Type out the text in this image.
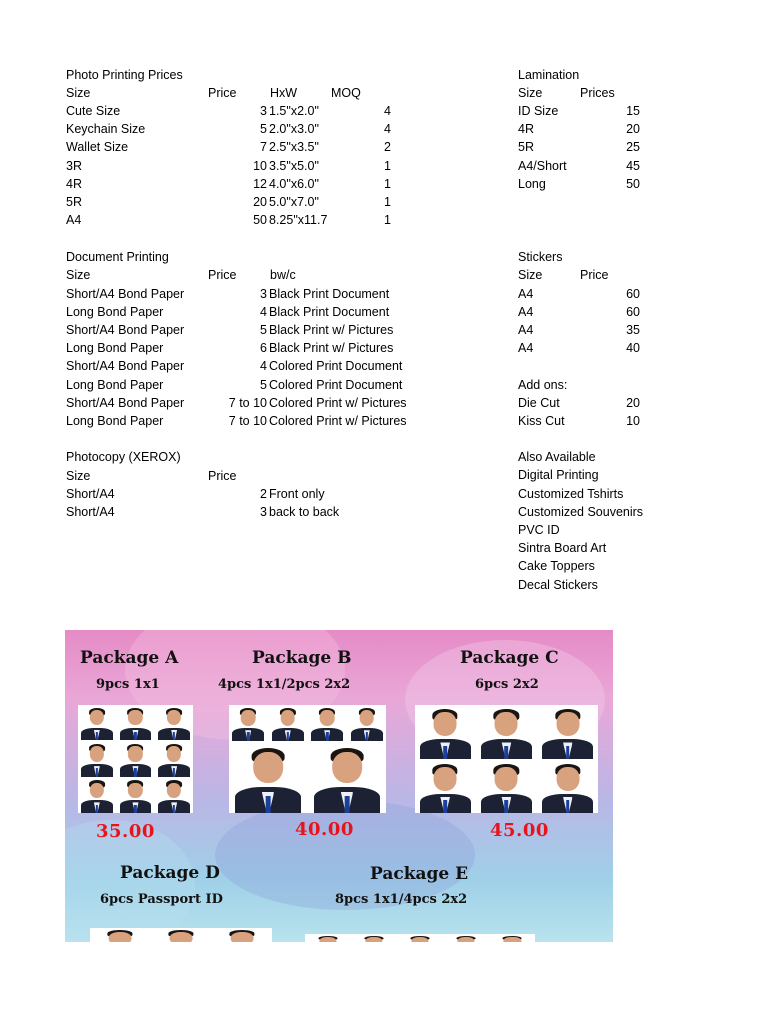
Photo Printing Prices
Size	Price	HxW	MOQ
Cute Size	3 1.5"x2.0"	4
Keychain Size	5 2.0"x3.0"	4
Wallet Size	7 2.5"x3.5"	2
3R	10 3.5"x5.0"	1
4R	12 4.0"x6.0"	1
5R	20 5.0"x7.0"	1
A4	50 8.25"x11.7	1
Lamination
Size	Prices
ID Size	15
4R	20
5R	25
A4/Short	45
Long	50
Document Printing
Size	Price	bw/c
Short/A4 Bond Paper	3 Black Print Document
Long Bond Paper	4 Black Print Document
Short/A4 Bond Paper	5 Black Print w/ Pictures
Long Bond Paper	6 Black Print w/ Pictures
Short/A4 Bond Paper	4 Colored Print Document
Long Bond Paper	5 Colored Print Document
Short/A4 Bond Paper	7 to 10 Colored Print w/ Pictures
Long Bond Paper	7 to 10 Colored Print w/ Pictures
Stickers
Size	Price
A4	60
A4	60
A4	35
A4	40
Add ons:
Die Cut	20
Kiss Cut	10
Photocopy (XEROX)
Size	Price
Short/A4	2 Front only
Short/A4	3 back to back
Also Available
Digital Printing
Customized Tshirts
Customized Souvenirs
PVC ID
Sintra Board Art
Cake Toppers
Decal Stickers
Package A
9pcs 1x1
35.00
Package B
4pcs 1x1/2pcs 2x2
40.00
Package C
6pcs 2x2
45.00
Package D
6pcs Passport ID
Package E
8pcs 1x1/4pcs 2x2
